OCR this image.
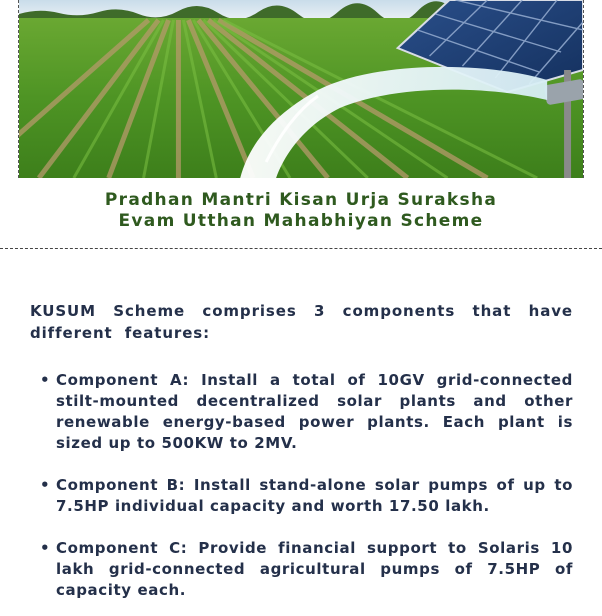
Pradhan Mantri Kisan Urja Suraksha
Evam Utthan Mahabhiyan Scheme

KUSUM Scheme comprises 3 components that have different features:

• Component A: Install a total of 10GV grid-connected stilt-mounted decentralized solar plants and other renewable energy-based power plants. Each plant is sized up to 500KW to 2MV.
• Component B: Install stand-alone solar pumps of up to 7.5HP individual capacity and worth 17.50 lakh.
• Component C: Provide financial support to Solaris 10 lakh grid-connected agricultural pumps of 7.5HP of capacity each.
